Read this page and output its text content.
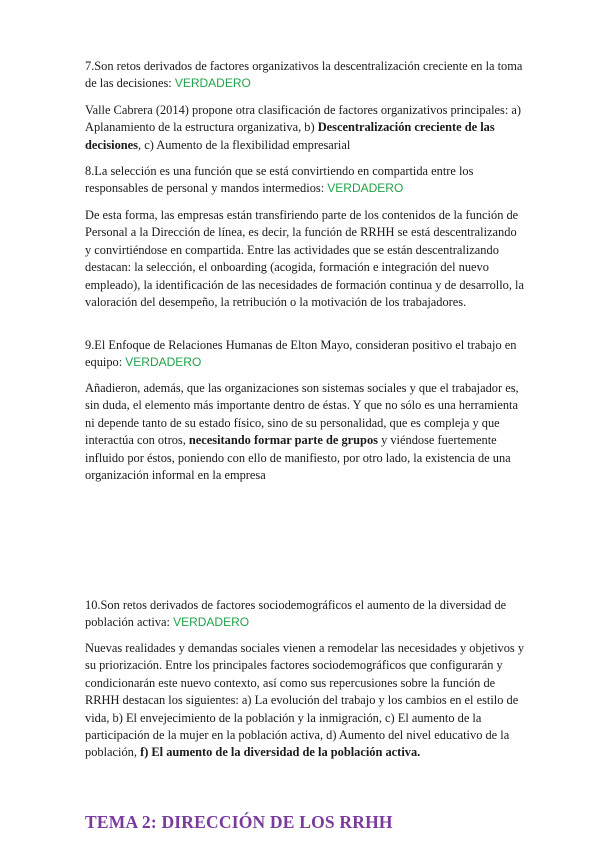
7.Son retos derivados de factores organizativos la descentralización creciente en la toma de las decisiones: VERDADERO

Valle Cabrera (2014) propone otra clasificación de factores organizativos principales: a) Aplanamiento de la estructura organizativa, b) Descentralización creciente de las decisiones, c) Aumento de la flexibilidad empresarial

8.La selección es una función que se está convirtiendo en compartida entre los responsables de personal y mandos intermedios: VERDADERO

De esta forma, las empresas están transfiriendo parte de los contenidos de la función de Personal a la Dirección de línea, es decir, la función de RRHH se está descentralizando y convirtiéndose en compartida. Entre las actividades que se están descentralizando destacan: la selección, el onboarding (acogida, formación e integración del nuevo empleado), la identificación de las necesidades de formación continua y de desarrollo, la valoración del desempeño, la retribución o la motivación de los trabajadores.

9.El Enfoque de Relaciones Humanas de Elton Mayo, consideran positivo el trabajo en equipo: VERDADERO

Añadieron, además, que las organizaciones son sistemas sociales y que el trabajador es, sin duda, el elemento más importante dentro de éstas. Y que no sólo es una herramienta ni depende tanto de su estado físico, sino de su personalidad, que es compleja y que interactúa con otros, necesitando formar parte de grupos y viéndose fuertemente influido por éstos, poniendo con ello de manifiesto, por otro lado, la existencia de una organización informal en la empresa

10.Son retos derivados de factores sociodemográficos el aumento de la diversidad de población activa: VERDADERO

Nuevas realidades y demandas sociales vienen a remodelar las necesidades y objetivos y su priorización. Entre los principales factores sociodemográficos que configurarán y condicionarán este nuevo contexto, así como sus repercusiones sobre la función de RRHH destacan los siguientes: a) La evolución del trabajo y los cambios en el estilo de vida, b) El envejecimiento de la población y la inmigración, c) El aumento de la participación de la mujer en la población activa, d) Aumento del nivel educativo de la población, f) El aumento de la diversidad de la población activa.

TEMA 2: DIRECCIÓN DE LOS RRHH
